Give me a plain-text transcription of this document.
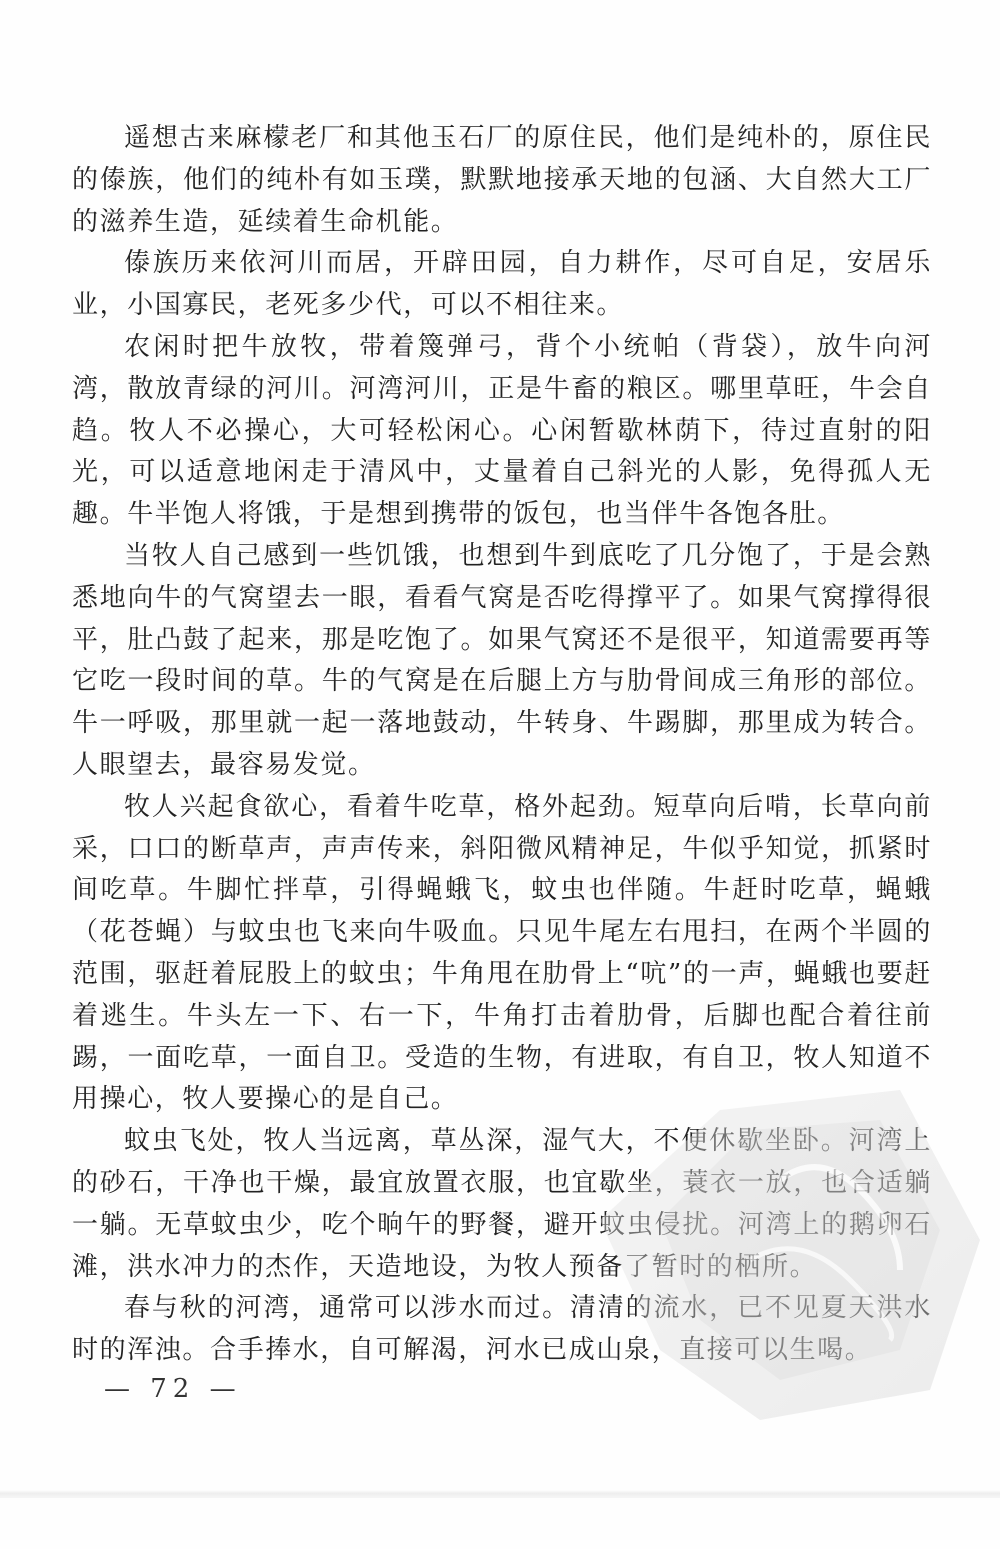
遥想古来麻檬老厂和其他玉石厂的原住民，他们是纯朴的，原住民的傣族，他们的纯朴有如玉璞，默默地接承天地的包涵、大自然大工厂的滋养生造，延续着生命机能。

傣族历来依河川而居，开辟田园，自力耕作，尽可自足，安居乐业，小国寡民，老死多少代，可以不相往来。

农闲时把牛放牧，带着篾弹弓，背个小统帕（背袋），放牛向河湾，散放青绿的河川。河湾河川，正是牛畜的粮区。哪里草旺，牛会自趋。牧人不必操心，大可轻松闲心。心闲暂歇林荫下，待过直射的阳光，可以适意地闲走于清风中，丈量着自己斜光的人影，免得孤人无趣。牛半饱人将饿，于是想到携带的饭包，也当伴牛各饱各肚。

当牧人自己感到一些饥饿，也想到牛到底吃了几分饱了，于是会熟悉地向牛的气窝望去一眼，看看气窝是否吃得撑平了。如果气窝撑得很平，肚凸鼓了起来，那是吃饱了。如果气窝还不是很平，知道需要再等它吃一段时间的草。牛的气窝是在后腿上方与肋骨间成三角形的部位。牛一呼吸，那里就一起一落地鼓动，牛转身、牛踢脚，那里成为转合。人眼望去，最容易发觉。

牧人兴起食欲心，看着牛吃草，格外起劲。短草向后啃，长草向前采，口口的断草声，声声传来，斜阳微风精神足，牛似乎知觉，抓紧时间吃草。牛脚忙拌草，引得蝇蛾飞，蚊虫也伴随。牛赶时吃草，蝇蛾（花苍蝇）与蚊虫也飞来向牛吸血。只见牛尾左右甩扫，在两个半圆的范围，驱赶着屁股上的蚊虫；牛角甩在肋骨上“吭”的一声，蝇蛾也要赶着逃生。牛头左一下、右一下，牛角打击着肋骨，后脚也配合着往前踢，一面吃草，一面自卫。受造的生物，有进取，有自卫，牧人知道不用操心，牧人要操心的是自己。

蚊虫飞处，牧人当远离，草丛深，湿气大，不便休歇坐卧。河湾上的砂石，干净也干燥，最宜放置衣服，也宜歇坐，蓑衣一放，也合适躺一躺。无草蚊虫少，吃个晌午的野餐，避开蚊虫侵扰。河湾上的鹅卵石滩，洪水冲力的杰作，天造地设，为牧人预备了暂时的栖所。

春与秋的河湾，通常可以涉水而过。清清的流水，已不见夏天洪水时的浑浊。合手捧水，自可解渴，河水已成山泉，直接可以生喝。

— 72 —
